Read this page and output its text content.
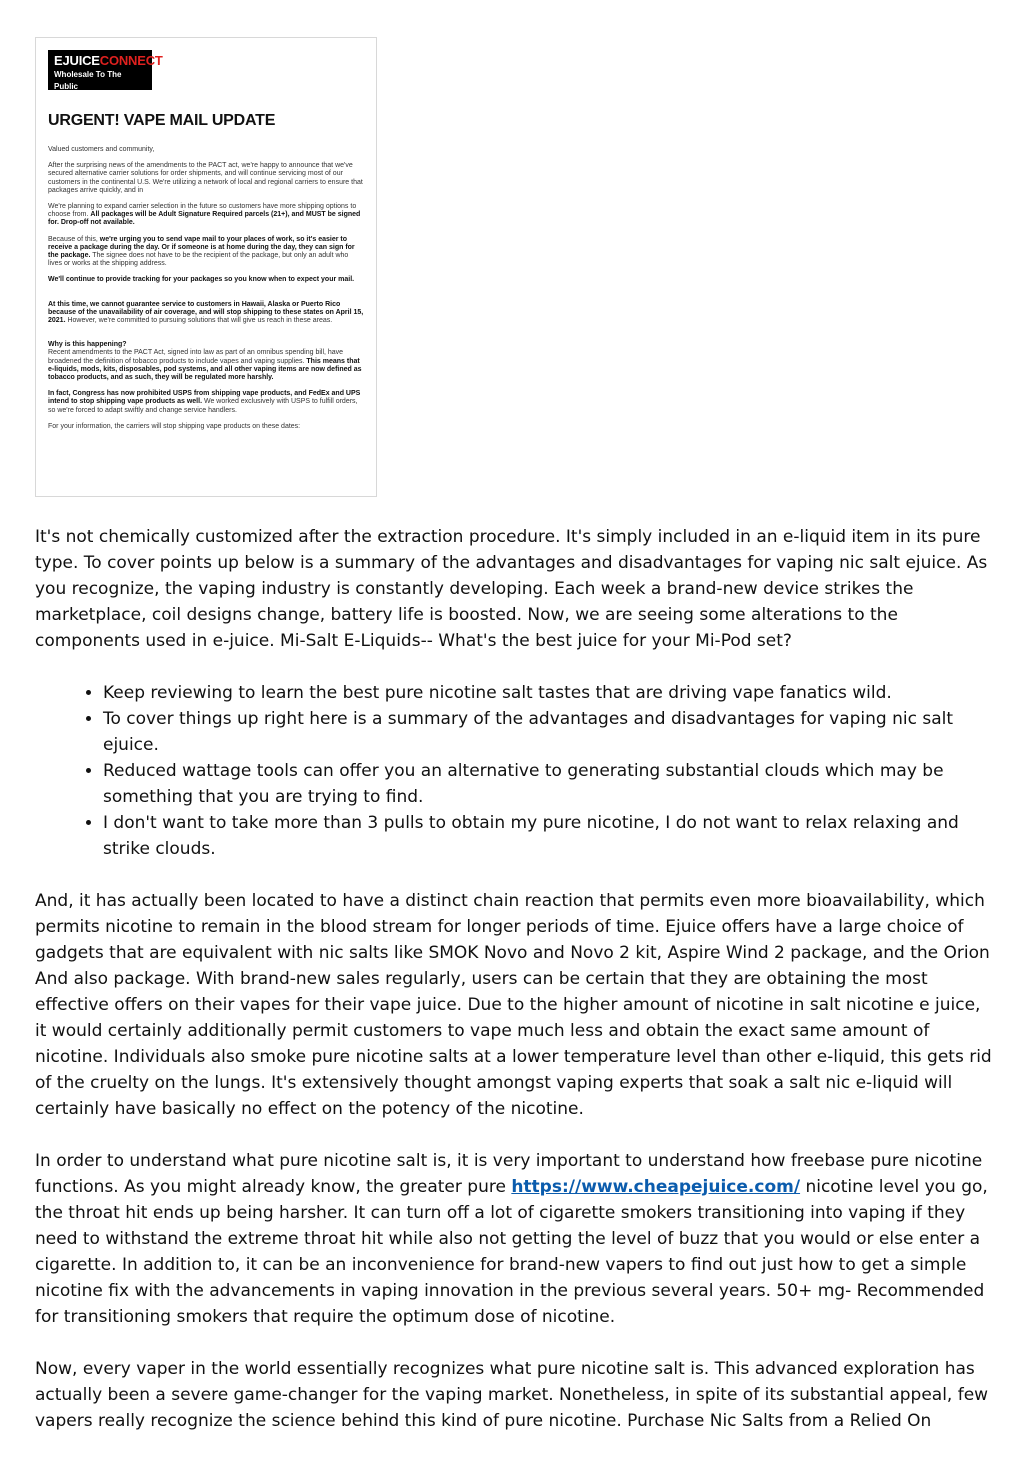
EJUICECONNECT
Wholesale To The Public
URGENT! VAPE MAIL UPDATE

Valued customers and community,

After the surprising news of the amendments to the PACT act, we're happy to announce that we've secured alternative carrier solutions for order shipments, and will continue servicing most of our customers in the continental U.S. We're utilizing a network of local and regional carriers to ensure that packages arrive quickly, and in

We're planning to expand carrier selection in the future so customers have more shipping options to choose from. All packages will be Adult Signature Required parcels (21+), and MUST be signed for. Drop-off not available.

Because of this, we're urging you to send vape mail to your places of work, so it's easier to receive a package during the day. Or if someone is at home during the day, they can sign for the package. The signee does not have to be the recipient of the package, but only an adult who lives or works at the shipping address.

We'll continue to provide tracking for your packages so you know when to expect your mail.

At this time, we cannot guarantee service to customers in Hawaii, Alaska or Puerto Rico because of the unavailability of air coverage, and will stop shipping to these states on April 15, 2021. However, we're committed to pursuing solutions that will give us reach in these areas.

Why is this happening?
Recent amendments to the PACT Act, signed into law as part of an omnibus spending bill, have broadened the definition of tobacco products to include vapes and vaping supplies. This means that e-liquids, mods, kits, disposables, pod systems, and all other vaping items are now defined as tobacco products, and as such, they will be regulated more harshly.

In fact, Congress has now prohibited USPS from shipping vape products, and FedEx and UPS intend to stop shipping vape products as well. We worked exclusively with USPS to fulfill orders, so we're forced to adapt swiftly and change service handlers.

For your information, the carriers will stop shipping vape products on these dates:

It's not chemically customized after the extraction procedure. It's simply included in an e-liquid item in its pure type. To cover points up below is a summary of the advantages and disadvantages for vaping nic salt ejuice. As you recognize, the vaping industry is constantly developing. Each week a brand-new device strikes the marketplace, coil designs change, battery life is boosted. Now, we are seeing some alterations to the components used in e-juice. Mi-Salt E-Liquids-- What's the best juice for your Mi-Pod set?

• Keep reviewing to learn the best pure nicotine salt tastes that are driving vape fanatics wild.
• To cover things up right here is a summary of the advantages and disadvantages for vaping nic salt ejuice.
• Reduced wattage tools can offer you an alternative to generating substantial clouds which may be something that you are trying to find.
• I don't want to take more than 3 pulls to obtain my pure nicotine, I do not want to relax relaxing and strike clouds.

And, it has actually been located to have a distinct chain reaction that permits even more bioavailability, which permits nicotine to remain in the blood stream for longer periods of time. Ejuice offers have a large choice of gadgets that are equivalent with nic salts like SMOK Novo and Novo 2 kit, Aspire Wind 2 package, and the Orion And also package. With brand-new sales regularly, users can be certain that they are obtaining the most effective offers on their vapes for their vape juice. Due to the higher amount of nicotine in salt nicotine e juice, it would certainly additionally permit customers to vape much less and obtain the exact same amount of nicotine. Individuals also smoke pure nicotine salts at a lower temperature level than other e-liquid, this gets rid of the cruelty on the lungs. It's extensively thought amongst vaping experts that soak a salt nic e-liquid will certainly have basically no effect on the potency of the nicotine.

In order to understand what pure nicotine salt is, it is very important to understand how freebase pure nicotine functions. As you might already know, the greater pure https://www.cheapejuice.com/ nicotine level you go, the throat hit ends up being harsher. It can turn off a lot of cigarette smokers transitioning into vaping if they need to withstand the extreme throat hit while also not getting the level of buzz that you would or else enter a cigarette. In addition to, it can be an inconvenience for brand-new vapers to find out just how to get a simple nicotine fix with the advancements in vaping innovation in the previous several years. 50+ mg- Recommended for transitioning smokers that require the optimum dose of nicotine.

Now, every vaper in the world essentially recognizes what pure nicotine salt is. This advanced exploration has actually been a severe game-changer for the vaping market. Nonetheless, in spite of its substantial appeal, few vapers really recognize the science behind this kind of pure nicotine. Purchase Nic Salts from a Relied On
